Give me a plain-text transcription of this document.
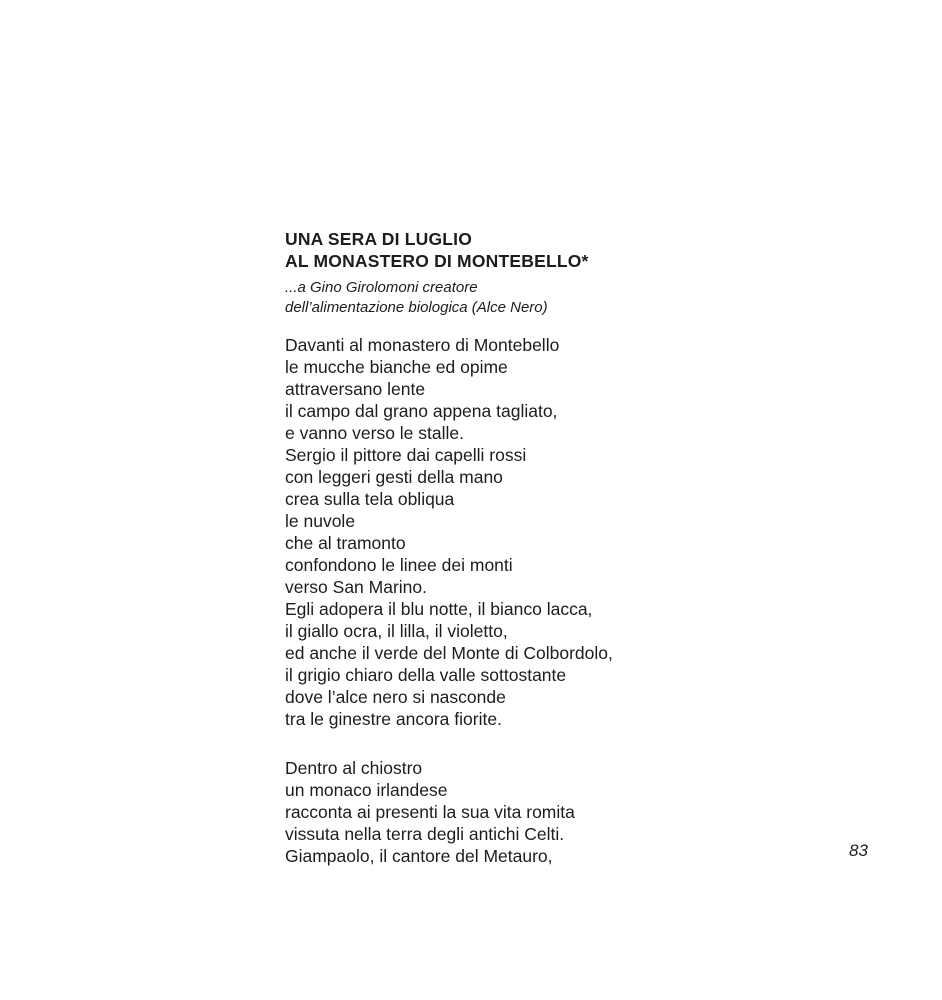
UNA SERA DI LUGLIO
AL MONASTERO DI MONTEBELLO*
...a Gino Girolomoni creatore
dell’alimentazione biologica (Alce Nero)
Davanti al monastero di Montebello
le mucche bianche ed opime
attraversano lente
il campo dal grano appena tagliato,
e vanno verso le stalle.
Sergio il pittore dai capelli rossi
con leggeri gesti della mano
crea sulla tela obliqua
le nuvole
che al tramonto
confondono le linee dei monti
verso San Marino.
Egli adopera il blu notte, il bianco lacca,
il giallo ocra, il lilla, il violetto,
ed anche il verde del Monte di Colbordolo,
il grigio chiaro della valle sottostante
dove l’alce nero si nasconde
tra le ginestre ancora fiorite.
Dentro al chiostro
un monaco irlandese
racconta ai presenti la sua vita romita
vissuta nella terra degli antichi Celti.
Giampaolo, il cantore del Metauro,	83
